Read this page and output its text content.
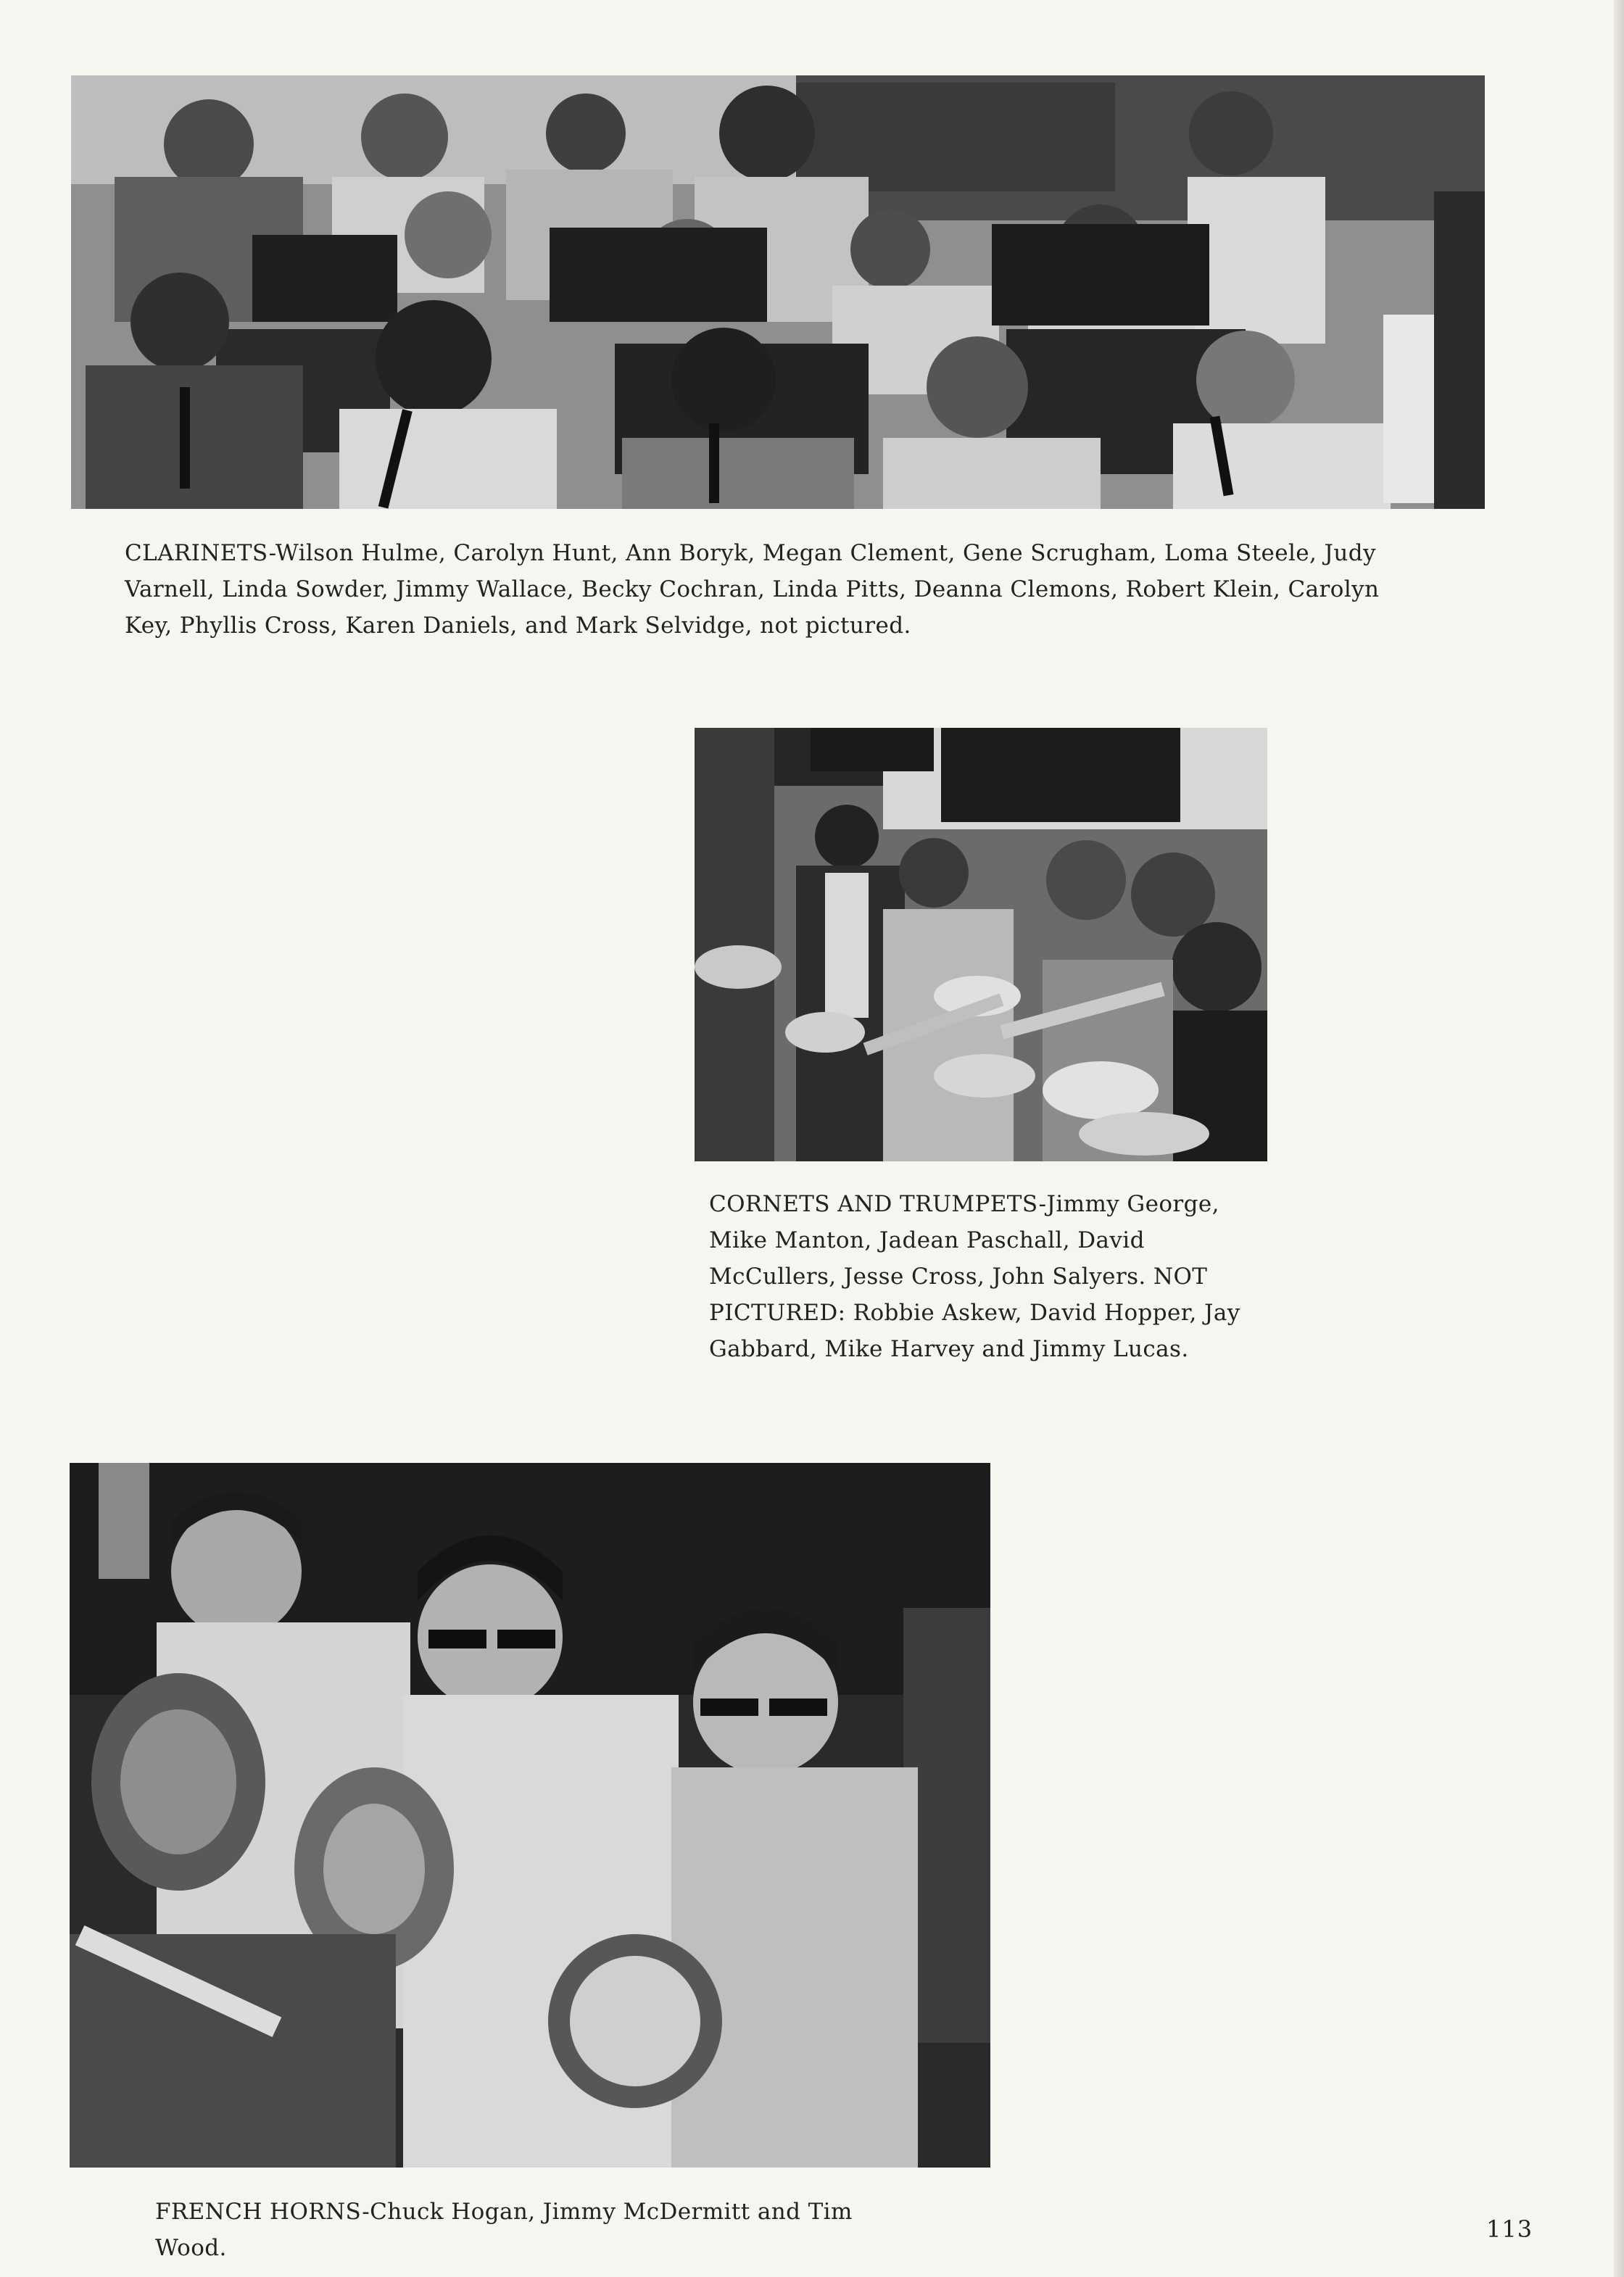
CLARINETS-Wilson Hulme, Carolyn Hunt, Ann Boryk, Megan Clement, Gene Scrugham, Loma Steele, Judy Varnell, Linda Sowder, Jimmy Wallace, Becky Cochran, Linda Pitts, Deanna Clemons, Robert Klein, Carolyn Key, Phyllis Cross, Karen Daniels, and Mark Selvidge, not pictured.

CORNETS AND TRUMPETS-Jimmy George, Mike Manton, Jadean Paschall, David McCullers, Jesse Cross, John Salyers. NOT PICTURED: Robbie Askew, David Hopper, Jay Gabbard, Mike Harvey and Jimmy Lucas.

FRENCH HORNS-Chuck Hogan, Jimmy McDermitt and Tim Wood.

113
